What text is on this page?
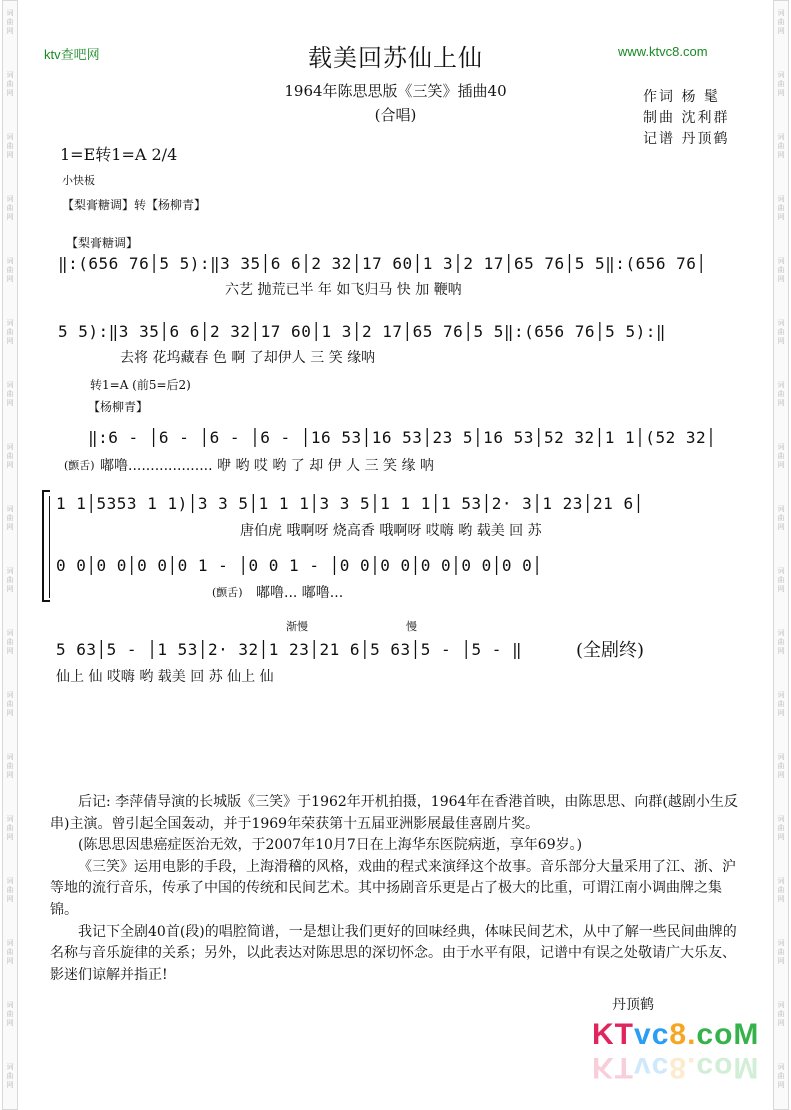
词
曲
网
词
曲
网
词
曲
网
词
曲
网
词
曲
网
词
曲
网
词
曲
网
词
曲
网
词
曲
网
词
曲
网
词
曲
网
词
曲
网
词
曲
网
词
曲
网
词
曲
网
词
曲
网
词
曲
网
词
曲
网
词
曲
网
词
曲
网
词
曲
网
词
曲
网
词
曲
网
词
曲
网
词
曲
网
词
曲
网
词
曲
网
词
曲
网
词
曲
网
词
曲
网
词
曲
网
词
曲
网
词
曲
网
词
曲
网
词
曲
网
词
曲
网
ktv查吧网	www.ktvc8.com
载美回苏仙上仙
1964年陈思思版《三笑》插曲40
(合唱)
作词 杨 髦
制曲 沈利群
记谱 丹顶鹤
1=E转1=A 2/4
小快板
【梨膏糖调】转【杨柳青】
【梨膏糖调】
‖:(656 76│5 5):‖3 35│6 6│2 32│17 60│1 3│2 17│65 76│5 5‖:(656 76│
六艺 抛荒已半 年 如飞归马 快 加 鞭呐
5 5):‖3 35│6 6│2 32│17 60│1 3│2 17│65 76│5 5‖:(656 76│5 5):‖
去将 花坞藏春 色 啊 了却伊人 三 笑 缘呐
转1=A (前5=后2)
【杨柳青】
‖:6 - │6 - │6 - │6 - │16 53│16 53│23 5│16 53│52 32│1 1│(52 32│
(颤舌) 嘟噜................... 咿 哟 哎 哟 了 却 伊 人 三 笑 缘 呐
1 1│5353 1 1)│3 3 5│1 1 1│3 3 5│1 1 1│1 53│2· 3│1 23│21 6│
唐伯虎 哦啊呀 烧高香 哦啊呀 哎嗨 哟 载美 回 苏
0 0│0 0│0 0│0 1 - │0 0 1 - │0 0│0 0│0 0│0 0│0 0│
(颤舌) 嘟噜... 嘟噜...
渐慢	慢
5 63│5 - │1 53│2· 32│1 23│21 6│5 63│5 - │5 - ‖	(全剧终)
仙上 仙 哎嗨 哟 载美 回 苏 仙上 仙

后记: 李萍倩导演的长城版《三笑》于1962年开机拍摄，1964年在香港首映，由陈思思、向群(越剧小生反串)主演。曾引起全国轰动，并于1969年荣获第十五届亚洲影展最佳喜剧片奖。

(陈思思因患癌症医治无效，于2007年10月7日在上海华东医院病逝，享年69岁。)

《三笑》运用电影的手段，上海滑稽的风格，戏曲的程式来演绎这个故事。音乐部分大量采用了江、浙、沪等地的流行音乐，传承了中国的传统和民间艺术。其中扬剧音乐更是占了极大的比重，可谓江南小调曲牌之集锦。

我记下全剧40首(段)的唱腔简谱，一是想让我们更好的回味经典，体味民间艺术，从中了解一些民间曲牌的名称与音乐旋律的关系；另外，以此表达对陈思思的深切怀念。由于水平有限，记谱中有误之处敬请广大乐友、影迷们谅解并指正!

丹顶鹤
KTvc8.coM
KTvc8.coM
